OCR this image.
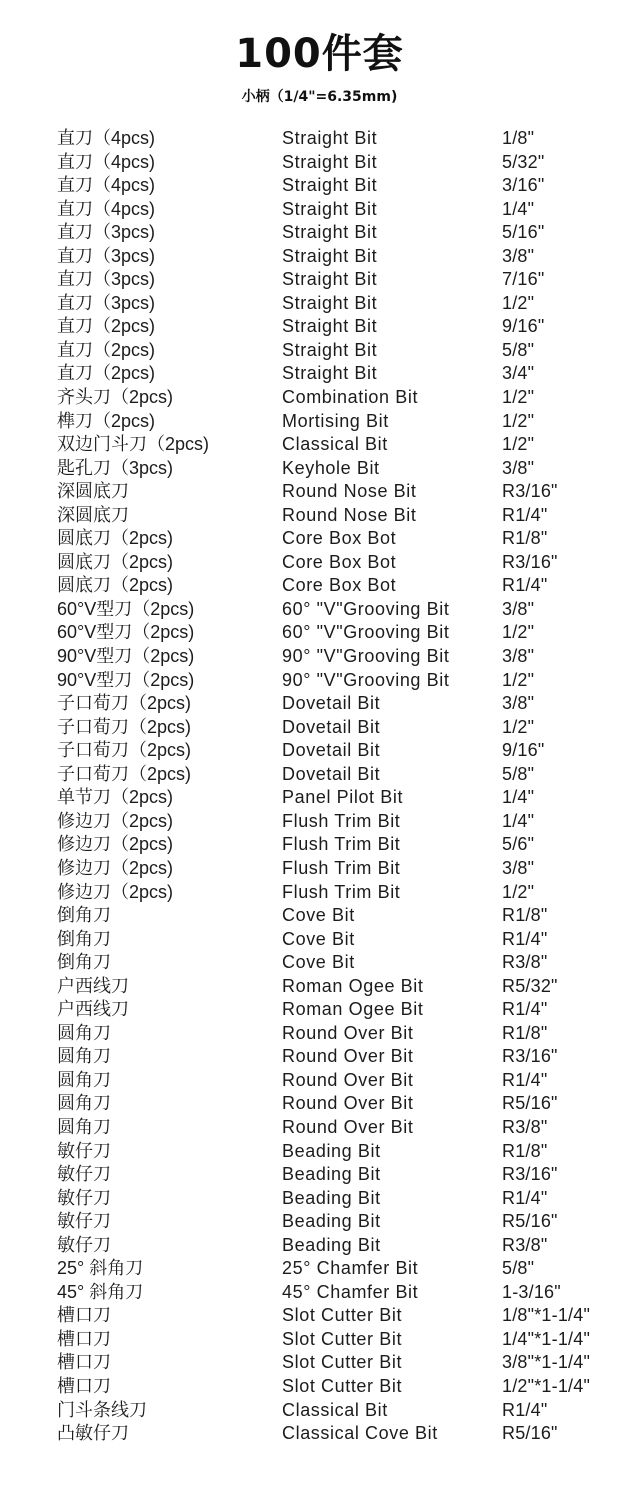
100件套
小柄（1/4"=6.35mm)
直刀（4pcs)	Straight Bit	1/8"
直刀（4pcs)	Straight Bit	5/32"
直刀（4pcs)	Straight Bit	3/16"
直刀（4pcs)	Straight Bit	1/4"
直刀（3pcs)	Straight Bit	5/16"
直刀（3pcs)	Straight Bit	3/8"
直刀（3pcs)	Straight Bit	7/16"
直刀（3pcs)	Straight Bit	1/2"
直刀（2pcs)	Straight Bit	9/16"
直刀（2pcs)	Straight Bit	5/8"
直刀（2pcs)	Straight Bit	3/4"
齐头刀（2pcs)	Combination Bit	1/2"
榫刀（2pcs)	Mortising Bit	1/2"
双边门斗刀（2pcs)	Classical Bit	1/2"
匙孔刀（3pcs)	Keyhole Bit	3/8"
深圆底刀	Round Nose Bit	R3/16"
深圆底刀	Round Nose Bit	R1/4"
圆底刀（2pcs)	Core Box Bot	R1/8"
圆底刀（2pcs)	Core Box Bot	R3/16"
圆底刀（2pcs)	Core Box Bot	R1/4"
60°V型刀（2pcs)	60° "V"Grooving Bit	3/8"
60°V型刀（2pcs)	60° "V"Grooving Bit	1/2"
90°V型刀（2pcs)	90° "V"Grooving Bit	3/8"
90°V型刀（2pcs)	90° "V"Grooving Bit	1/2"
子口荀刀（2pcs)	Dovetail Bit	3/8"
子口荀刀（2pcs)	Dovetail Bit	1/2"
子口荀刀（2pcs)	Dovetail Bit	9/16"
子口荀刀（2pcs)	Dovetail Bit	5/8"
单节刀（2pcs)	Panel Pilot Bit	1/4"
修边刀（2pcs)	Flush Trim Bit	1/4"
修边刀（2pcs)	Flush Trim Bit	5/6"
修边刀（2pcs)	Flush Trim Bit	3/8"
修边刀（2pcs)	Flush Trim Bit	1/2"
倒角刀	Cove Bit	R1/8"
倒角刀	Cove Bit	R1/4"
倒角刀	Cove Bit	R3/8"
户西线刀	Roman Ogee Bit	R5/32"
户西线刀	Roman Ogee Bit	R1/4"
圆角刀	Round Over Bit	R1/8"
圆角刀	Round Over Bit	R3/16"
圆角刀	Round Over Bit	R1/4"
圆角刀	Round Over Bit	R5/16"
圆角刀	Round Over Bit	R3/8"
敏仔刀	Beading Bit	R1/8"
敏仔刀	Beading Bit	R3/16"
敏仔刀	Beading Bit	R1/4"
敏仔刀	Beading Bit	R5/16"
敏仔刀	Beading Bit	R3/8"
25° 斜角刀	25° Chamfer Bit	5/8"
45° 斜角刀	45° Chamfer Bit	1-3/16"
槽口刀	Slot Cutter Bit	1/8"*1-1/4"
槽口刀	Slot Cutter Bit	1/4"*1-1/4"
槽口刀	Slot Cutter Bit	3/8"*1-1/4"
槽口刀	Slot Cutter Bit	1/2"*1-1/4"
门斗条线刀	Classical Bit	R1/4"
凸敏仔刀	Classical Cove Bit	R5/16"
